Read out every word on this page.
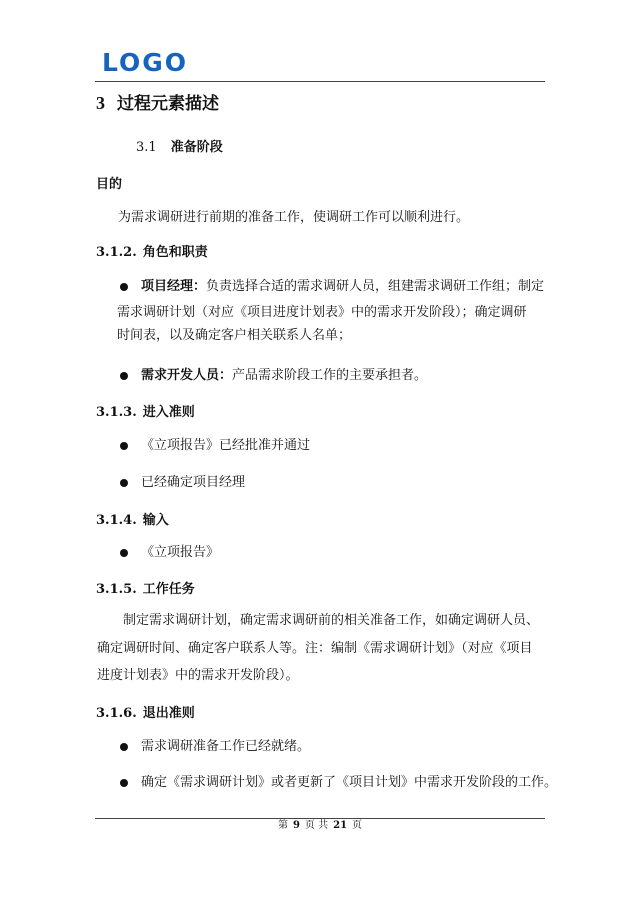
LOGO
3 过程元素描述
3.1 准备阶段
目的
为需求调研进行前期的准备工作，使调研工作可以顺利进行。
3.1.2. 角色和职责
项目经理：负责选择合适的需求调研人员，组建需求调研工作组；制定
需求调研计划（对应《项目进度计划表》中的需求开发阶段）；确定调研
时间表，以及确定客户相关联系人名单；
需求开发人员：产品需求阶段工作的主要承担者。
3.1.3. 进入准则
《立项报告》已经批准并通过
已经确定项目经理
3.1.4. 输入
《立项报告》
3.1.5. 工作任务
制定需求调研计划，确定需求调研前的相关准备工作，如确定调研人员、
确定调研时间、确定客户联系人等。注：编制《需求调研计划》（对应《项目
进度计划表》中的需求开发阶段）。
3.1.6. 退出准则
需求调研准备工作已经就绪。
确定《需求调研计划》或者更新了《项目计划》中需求开发阶段的工作。
第 9 页 共 21 页
